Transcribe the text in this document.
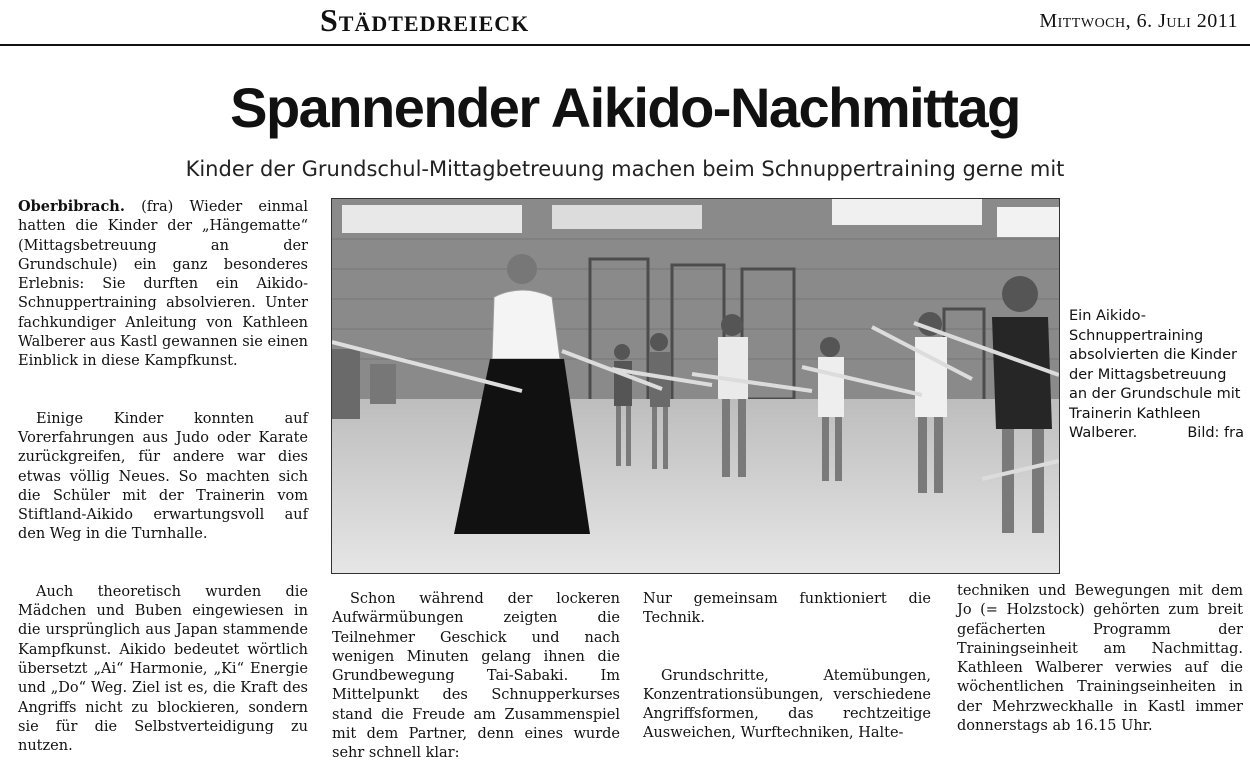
Städtedreieck	Mittwoch, 6. Juli 2011
Spannender Aikido-Nachmittag
Kinder der Grundschul-Mittagbetreuung machen beim Schnuppertraining gerne mit

Oberbibrach. (fra) Wieder einmal hatten die Kinder der „Hängematte“ (Mittagsbetreuung an der Grundschule) ein ganz besonderes Erlebnis: Sie durften ein Aikido-Schnuppertraining absolvieren. Unter fachkundiger Anleitung von Kathleen Walberer aus Kastl gewannen sie einen Einblick in diese Kampfkunst.

Einige Kinder konnten auf Vorerfahrungen aus Judo oder Karate zurückgreifen, für andere war dies etwas völlig Neues. So machten sich die Schüler mit der Trainerin vom Stiftland-Aikido erwartungsvoll auf den Weg in die Turnhalle.

Auch theoretisch wurden die Mädchen und Buben eingewiesen in die ursprünglich aus Japan stammende Kampfkunst. Aikido bedeutet wörtlich übersetzt „Ai“ Harmonie, „Ki“ Energie und „Do“ Weg. Ziel ist es, die Kraft des Angriffs nicht zu blockieren, sondern sie für die Selbstverteidigung zu nutzen.

Ein Aikido-Schnuppertraining absolvierten die Kinder der Mittagsbetreuung an der Grundschule mit Trainerin Kathleen Walberer.	Bild: fra

Schon während der lockeren Aufwärmübungen zeigten die Teilnehmer Geschick und nach wenigen Minuten gelang ihnen die Grundbewegung Tai-Sabaki. Im Mittelpunkt des Schnupperkurses stand die Freude am Zusammenspiel mit dem Partner, denn eines wurde sehr schnell klar:

Nur gemeinsam funktioniert die Technik.

Grundschritte, Atemübungen, Konzentrationsübungen, verschiedene Angriffsformen, das rechtzeitige Ausweichen, Wurftechniken, Halte-

techniken und Bewegungen mit dem Jo (= Holzstock) gehörten zum breit gefächerten Programm der Trainingseinheit am Nachmittag. Kathleen Walberer verwies auf die wöchentlichen Trainingseinheiten in der Mehrzweckhalle in Kastl immer donnerstags ab 16.15 Uhr.
